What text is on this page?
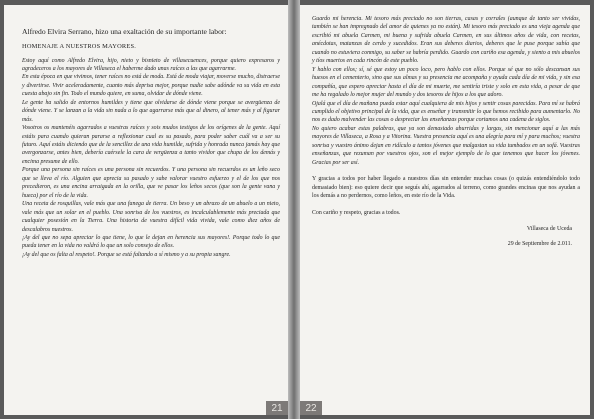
Alfredo Elvira Serrano, hizo una exaltación de su importante labor:

HOMENAJE A NUESTROS MAYORES.

Estoy aquí como Alfredo Elvira, hijo, nieto y bisnieto de villasecuences, porque quiero expresaros y agradeceros a los mayores de Villaseca el haberme dado unas raíces a las que agarrarme.

En esta época en que vivimos, tener raíces no está de moda. Está de moda viajar, moverse mucho, distraerse y divertirse. Vivir aceleradamente, cuanto más deprisa mejor, porque nadie sabe adónde va su vida en esta cuesta abajo sin fin. Todo el mundo quiere, en suma, olvidar de dónde viene.

Le gente ha salido de entornos humildes y tiene que olvidarse de dónde viene porque se avergüenza de dónde viene. Y se lanzan a la vida sin nada a lo que agarrarse más que al dinero, al tener más y al figurar más.

Vosotros os mantenéis agarrados a vuestras raíces y sois mudos testigos de los orígenes de la gente. Aquí estáis para cuando quieran pararse a reflexionar cual es su pasado, para poder saber cuál va a ser su futuro. Aquí estáis diciendo que de la sencillez de una vida humilde, sufrida y honrada nunca jamás hay que avergonzarse, antes bien, debería caérsele la cara de vergüenza a tanto vividor que chupa de los demás y encima presume de ello.

Porque una persona sin raíces es una persona sin recuerdos. Y una persona sin recuerdos es un leño seco que se lleva el río. Alguien que aprecia su pasado y sabe valorar vuestro esfuerzo y el de los que nos precedieron, es una encina arraigada en la orilla, que ve pasar los leños secos (que son la gente vana y hueca) por el río de la vida.

Una receta de rosquillas, vale más que una fanega de tierra. Un beso y un abrazo de un abuelo a un nieto, vale más que un solar en el pueblo. Una sonrisa de los vuestros, es incalculablemente más preciada que cualquier posesión en la Tierra. Una historia de vuestra difícil vida vivida, vale como diez años de descalabros nuestros.

¡Ay del que no sepa apreciar lo que tiene, lo que le dejan en herencia sus mayores!. Porque todo lo que pueda tener en la vida no valdrá lo que un solo consejo de ellos.

¡Ay del que os falta al respeto!. Porque se está faltando a sí mismo y a su propia sangre.

21

Guardo mi herencia. Mi tesoro más preciado no son tierras, casas y corrales (aunque de tanto ser vividas, también se han impregnado del amor de quienes ya no están). Mi tesoro más preciado es una vieja agenda que escribió mi abuela Carmen, mi buena y sufrida abuela Carmen, en sus últimos años de vida, con recetas, anécdotas, matanzas de cerdo y sucedidos. Eran sus deberes diarios, deberes que le puse porque sabía que cuando no estuviera conmigo, su saber se habría perdido. Guardo con cariño esa agenda, y siento a mis abuelos y tíos muertos en cada rincón de este pueblo.

Y hablo con ellos; sí, sé que estoy un poco loco, pero hablo con ellos. Porque sé que no sólo descansan sus huesos en el cementerio, sino que sus almas y su presencia me acompaña y ayuda cada día de mi vida, y sin esa compañía, que espero apreciar hasta el día de mi muerte, me sentiría triste y solo en esta vida, a pesar de que me ha regalado lo mejor mujer del mundo y dos tesoros de hijos a los que adoro.

Ojalá que el día de mañana pueda estar aquí cualquiera de mis hijos y sentir cosas parecidas. Para mí se habrá cumplido el objetivo principal de la vida, que es enseñar y transmitir lo que hemos recibido para aumentarlo. No nos es dado malvender las cosas o despreciar las enseñanzas porque cortamos una cadena de siglos.

No quiero acabar estas palabras, que ya son demasiado aburridas y largas, sin mencionar aquí a las más mayores de Villaseca, a Rosa y a Vitorina. Vuestra presencia aquí es una alegría para mí y para muchos; vuestra sonrisa y vuestro ánimo dejan en ridículo a tantos jóvenes que malgastan su vida tumbados en un sofá. Vuestras enseñanzas, que rezuman por vuestros ojos, son el mejor ejemplo de lo que tenemos que hacer los jóvenes. Gracias por ser así.

Y gracias a todos por haber llegado a nuestros días sin entender muchas cosas (o quizás entendiéndolo todo demasiado bien): eso quiere decir que seguís ahí, agarrados al terreno, como grandes encinas que nos ayudan a los demás a no perdernos, como leños, en este río de la Vida.

Con cariño y respeto, gracias a todos.

Villaseca de Uceda

29 de Septiembre de 2.011.

22
